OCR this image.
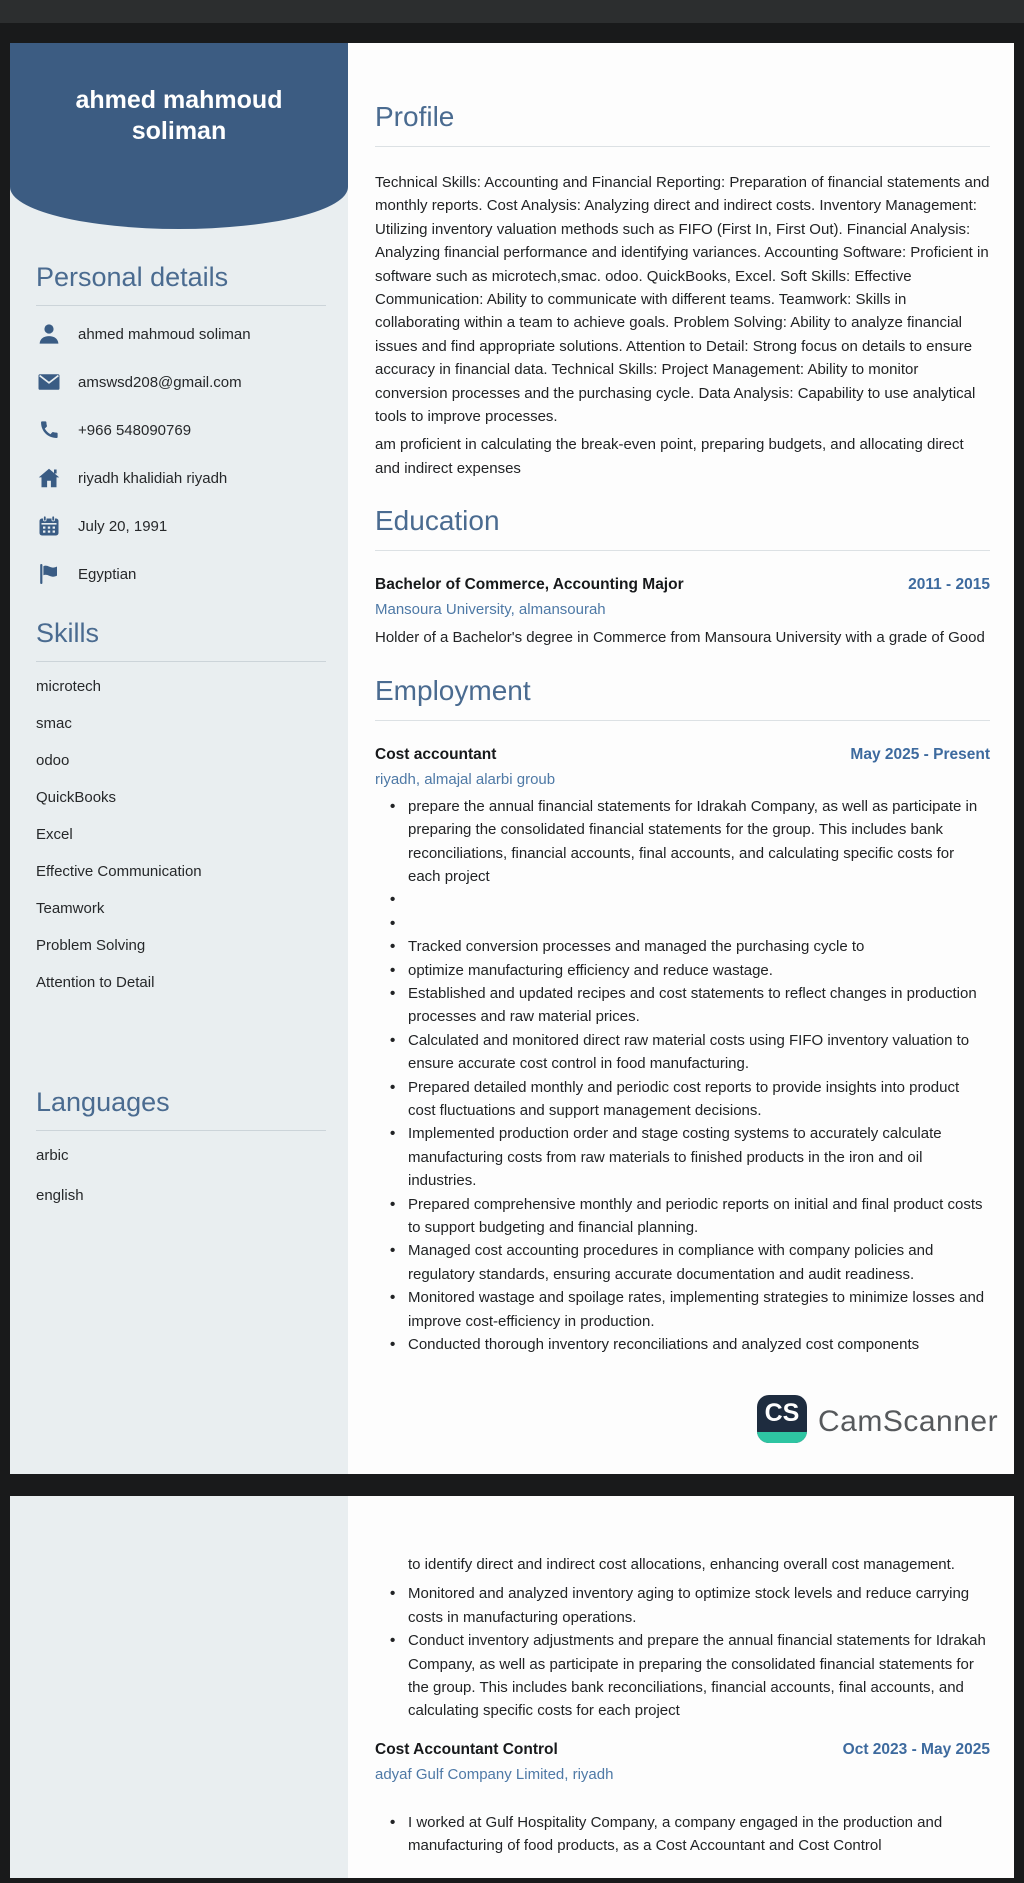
ahmed mahmoud soliman
Personal details
ahmed mahmoud soliman
amswsd208@gmail.com
+966 548090769
riyadh khalidiah riyadh
July 20, 1991
Egyptian
Skills
microtech
smac
odoo
QuickBooks
Excel
Effective Communication
Teamwork
Problem Solving
Attention to Detail
Languages
arbic
english
Profile

Technical Skills: Accounting and Financial Reporting: Preparation of financial statements and monthly reports. Cost Analysis: Analyzing direct and indirect costs. Inventory Management: Utilizing inventory valuation methods such as FIFO (First In, First Out). Financial Analysis: Analyzing financial performance and identifying variances. Accounting Software: Proficient in software such as microtech,smac. odoo. QuickBooks, Excel. Soft Skills: Effective Communication: Ability to communicate with different teams. Teamwork: Skills in collaborating within a team to achieve goals. Problem Solving: Ability to analyze financial issues and find appropriate solutions. Attention to Detail: Strong focus on details to ensure accuracy in financial data. Technical Skills: Project Management: Ability to monitor conversion processes and the purchasing cycle. Data Analysis: Capability to use analytical tools to improve processes.

am proficient in calculating the break-even point, preparing budgets, and allocating direct and indirect expenses

Education
Bachelor of Commerce, Accounting Major	2011 - 2015
Mansoura University, almansourah

Holder of a Bachelor's degree in Commerce from Mansoura University with a grade of Good

Employment
Cost accountant	May 2025 - Present
riyadh, almajal alarbi groub
• prepare the annual financial statements for Idrakah Company, as well as participate in preparing the consolidated financial statements for the group. This includes bank reconciliations, financial accounts, final accounts, and calculating specific costs for each project
•
•
• Tracked conversion processes and managed the purchasing cycle to
• optimize manufacturing efficiency and reduce wastage.
• Established and updated recipes and cost statements to reflect changes in production processes and raw material prices.
• Calculated and monitored direct raw material costs using FIFO inventory valuation to ensure accurate cost control in food manufacturing.
• Prepared detailed monthly and periodic cost reports to provide insights into product cost fluctuations and support management decisions.
• Implemented production order and stage costing systems to accurately calculate manufacturing costs from raw materials to finished products in the iron and oil industries.
• Prepared comprehensive monthly and periodic reports on initial and final product costs to support budgeting and financial planning.
• Managed cost accounting procedures in compliance with company policies and regulatory standards, ensuring accurate documentation and audit readiness.
• Monitored wastage and spoilage rates, implementing strategies to minimize losses and improve cost-efficiency in production.
• Conducted thorough inventory reconciliations and analyzed cost components
CS CamScanner

to identify direct and indirect cost allocations, enhancing overall cost management.

• Monitored and analyzed inventory aging to optimize stock levels and reduce carrying costs in manufacturing operations.
• Conduct inventory adjustments and prepare the annual financial statements for Idrakah Company, as well as participate in preparing the consolidated financial statements for the group. This includes bank reconciliations, financial accounts, final accounts, and calculating specific costs for each project
Cost Accountant Control	Oct 2023 - May 2025
adyaf Gulf Company Limited, riyadh
• I worked at Gulf Hospitality Company, a company engaged in the production and manufacturing of food products, as a Cost Accountant and Cost Control
